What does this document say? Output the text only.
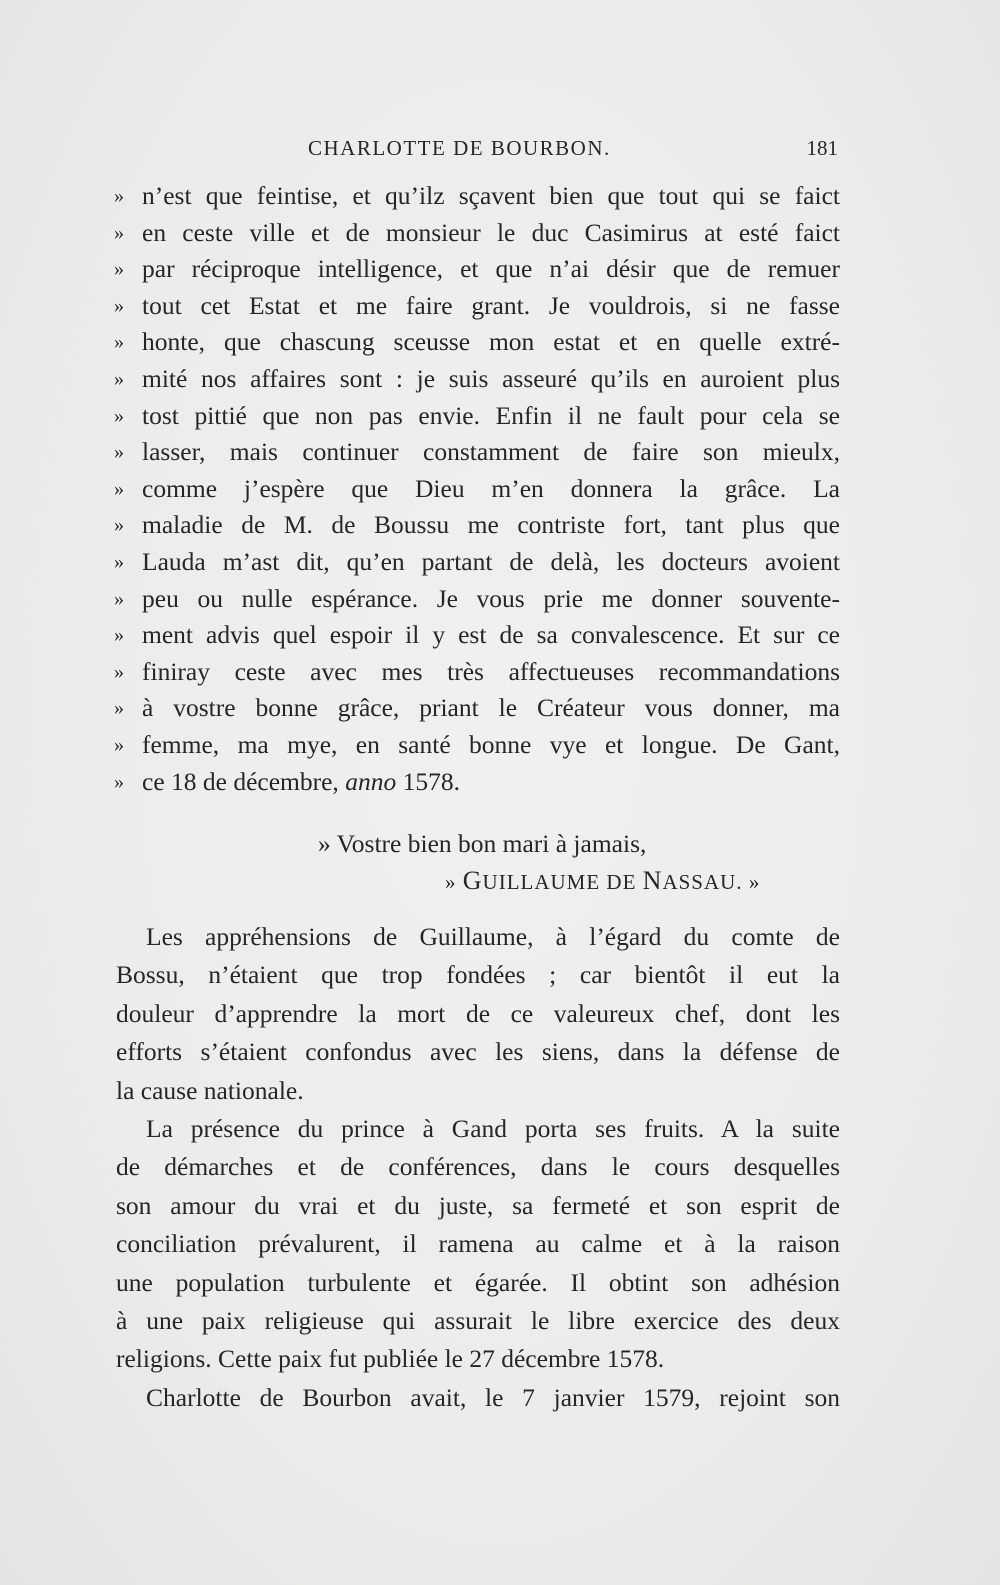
CHARLOTTE DE BOURBON.	181
» n’est que feintise, et qu’ilz sçavent bien que tout qui se faict
» en ceste ville et de monsieur le duc Casimirus at esté faict
» par réciproque intelligence, et que n’ai désir que de remuer
» tout cet Estat et me faire grant. Je vouldrois, si ne fasse
» honte, que chascung sceusse mon estat et en quelle extré-
» mité nos affaires sont : je suis asseuré qu’ils en auroient plus
» tost pittié que non pas envie. Enfin il ne fault pour cela se
» lasser, mais continuer constamment de faire son mieulx,
» comme j’espère que Dieu m’en donnera la grâce. La
» maladie de M. de Boussu me contriste fort, tant plus que
» Lauda m’ast dit, qu’en partant de delà, les docteurs avoient
» peu ou nulle espérance. Je vous prie me donner souvente-
» ment advis quel espoir il y est de sa convalescence. Et sur ce
» finiray ceste avec mes très affectueuses recommandations
» à vostre bonne grâce, priant le Créateur vous donner, ma
» femme, ma mye, en santé bonne vye et longue. De Gant,
» ce 18 de décembre, anno 1578.
» Vostre bien bon mari à jamais,
» GUILLAUME DE NASSAU. »
Les appréhensions de Guillaume, à l’égard du comte de
Bossu, n’étaient que trop fondées ; car bientôt il eut la
douleur d’apprendre la mort de ce valeureux chef, dont les
efforts s’étaient confondus avec les siens, dans la défense de
la cause nationale.
La présence du prince à Gand porta ses fruits. A la suite
de démarches et de conférences, dans le cours desquelles
son amour du vrai et du juste, sa fermeté et son esprit de
conciliation prévalurent, il ramena au calme et à la raison
une population turbulente et égarée. Il obtint son adhésion
à une paix religieuse qui assurait le libre exercice des deux
religions. Cette paix fut publiée le 27 décembre 1578.
Charlotte de Bourbon avait, le 7 janvier 1579, rejoint son
